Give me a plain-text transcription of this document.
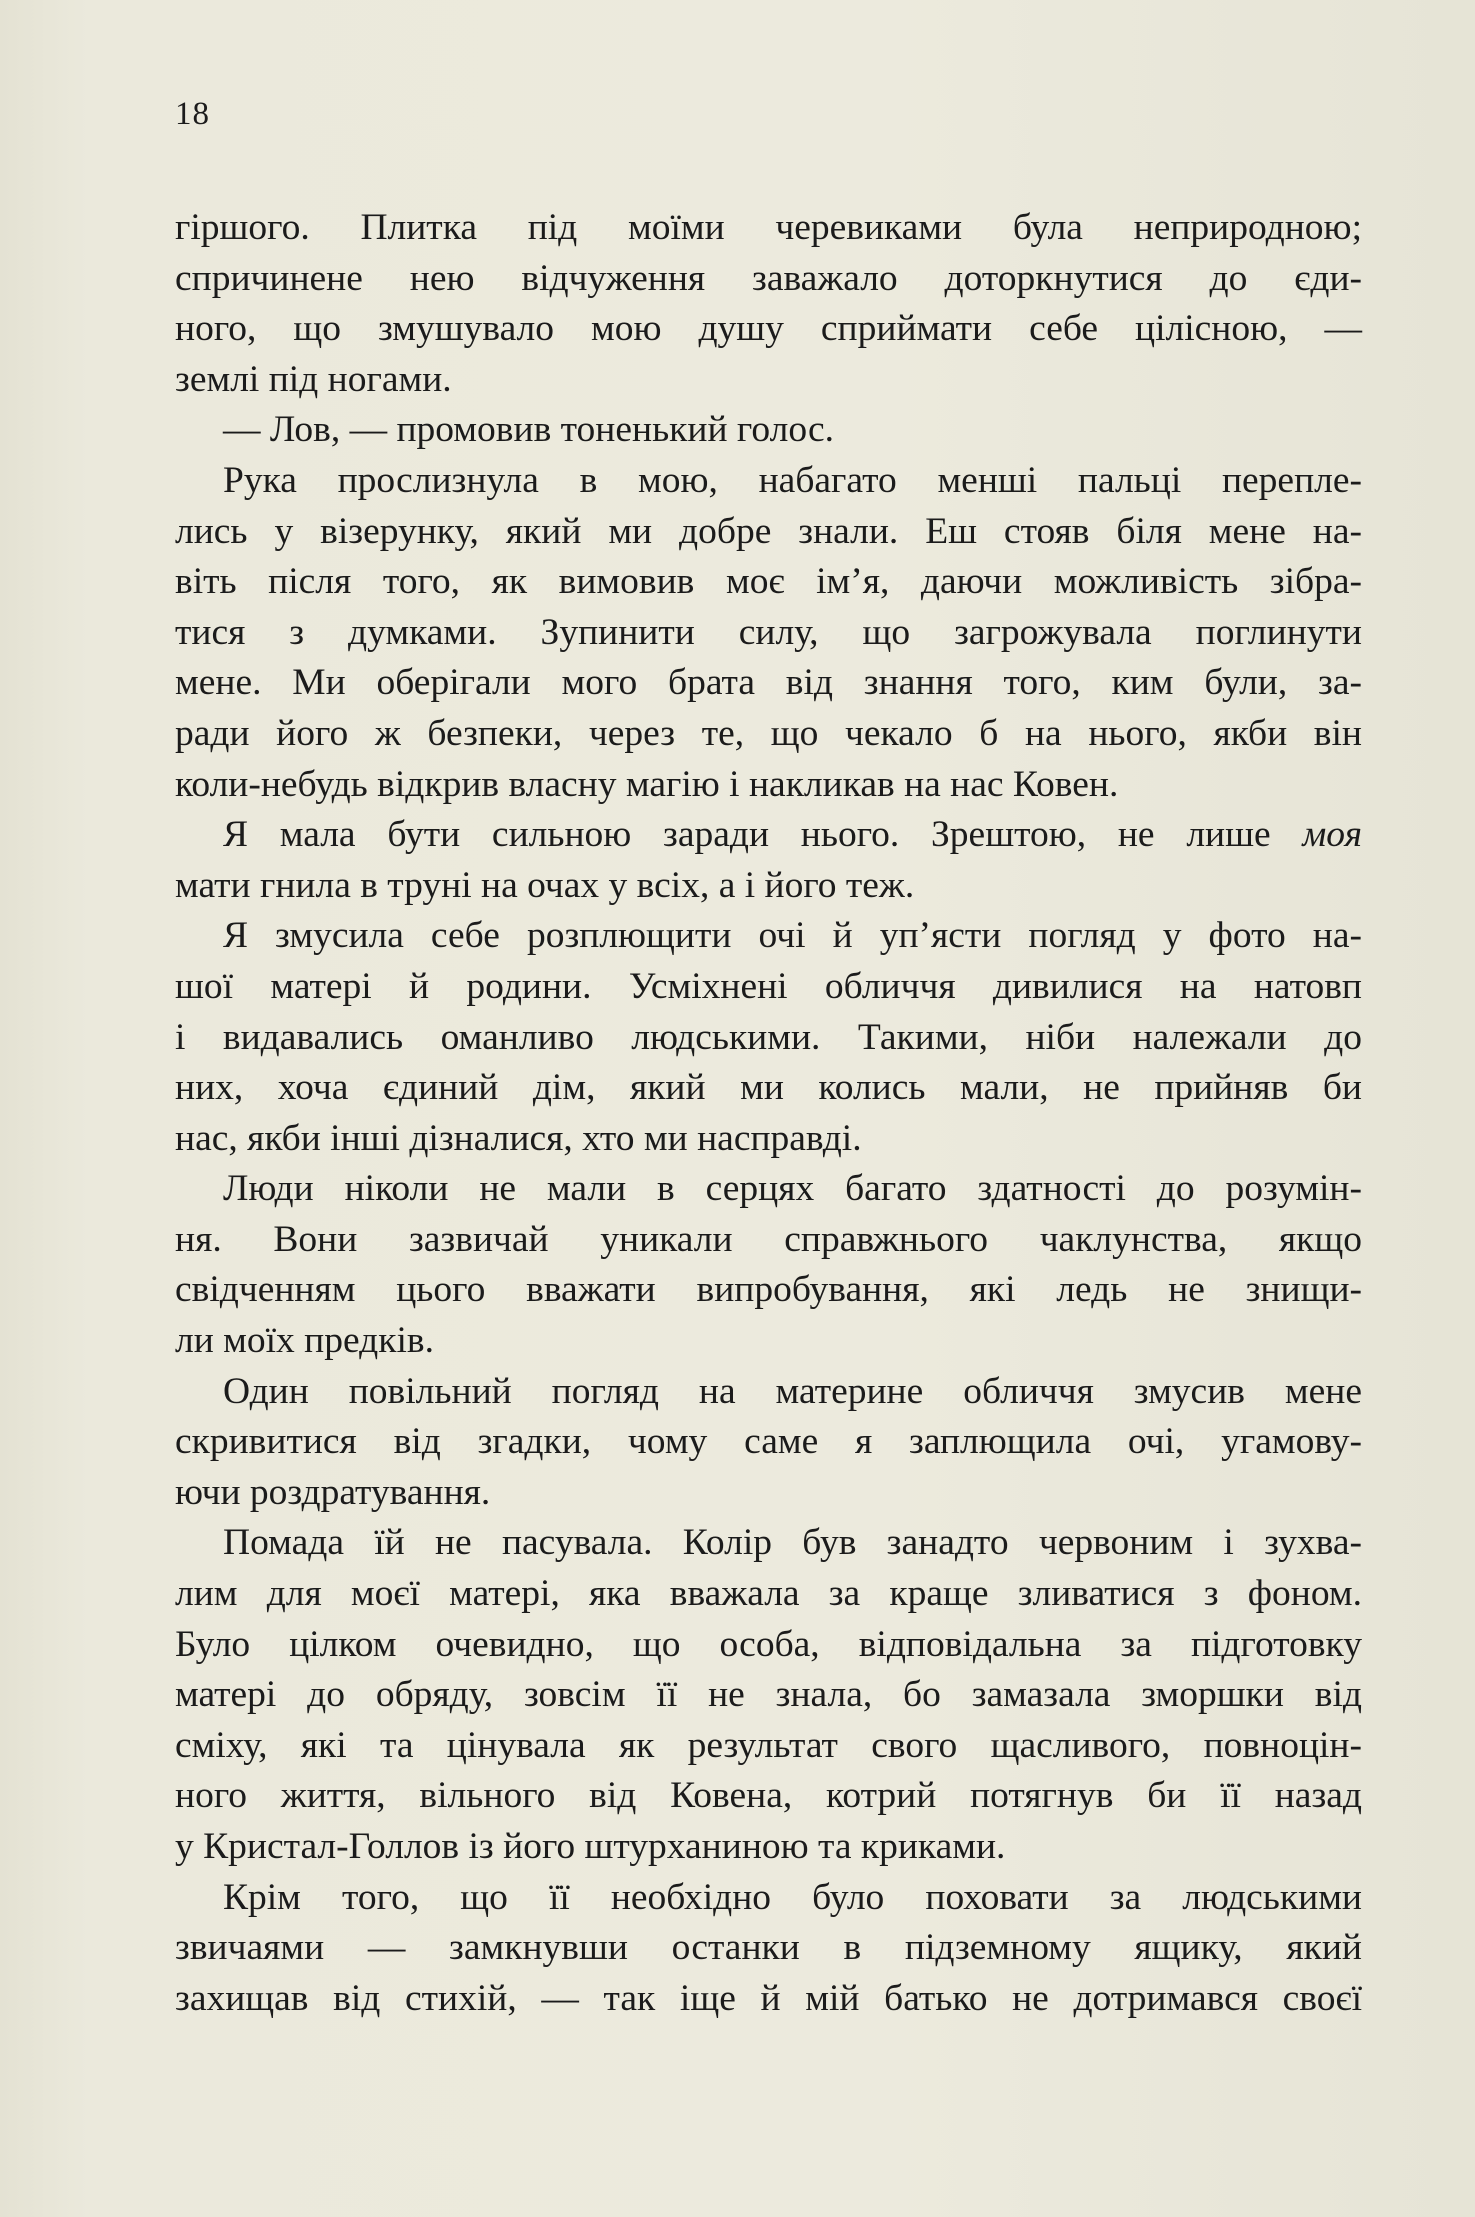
18
гіршого. Плитка під моїми черевиками була неприродною;
спричинене нею відчуження заважало доторкнутися до єди-
ного, що змушувало мою душу сприймати себе цілісною, —
землі під ногами.
— Лов, — промовив тоненький голос.
Рука прослизнула в мою, набагато менші пальці перепле-
лись у візерунку, який ми добре знали. Еш стояв біля мене на-
віть після того, як вимовив моє ім’я, даючи можливість зібра-
тися з думками. Зупинити силу, що загрожувала поглинути
мене. Ми оберігали мого брата від знання того, ким були, за-
ради його ж безпеки, через те, що чекало б на нього, якби він
коли-небудь відкрив власну магію і накликав на нас Ковен.
Я мала бути сильною заради нього. Зрештою, не лише моя
мати гнила в труні на очах у всіх, а і його теж.
Я змусила себе розплющити очі й уп’ясти погляд у фото на-
шої матері й родини. Усміхнені обличчя дивилися на натовп
і видавались оманливо людськими. Такими, ніби належали до
них, хоча єдиний дім, який ми колись мали, не прийняв би
нас, якби інші дізналися, хто ми насправді.
Люди ніколи не мали в серцях багато здатності до розумін-
ня. Вони зазвичай уникали справжнього чаклунства, якщо
свідченням цього вважати випробування, які ледь не знищи-
ли моїх предків.
Один повільний погляд на материне обличчя змусив мене
скривитися від згадки, чому саме я заплющила очі, угамову-
ючи роздратування.
Помада їй не пасувала. Колір був занадто червоним і зухва-
лим для моєї матері, яка вважала за краще зливатися з фоном.
Було цілком очевидно, що особа, відповідальна за підготовку
матері до обряду, зовсім її не знала, бо замазала зморшки від
сміху, які та цінувала як результат свого щасливого, повноцін-
ного життя, вільного від Ковена, котрий потягнув би її назад
у Кристал-Голлов із його штурханиною та криками.
Крім того, що її необхідно було поховати за людськими
звичаями — замкнувши останки в підземному ящику, який
захищав від стихій, — так іще й мій батько не дотримався своєї
